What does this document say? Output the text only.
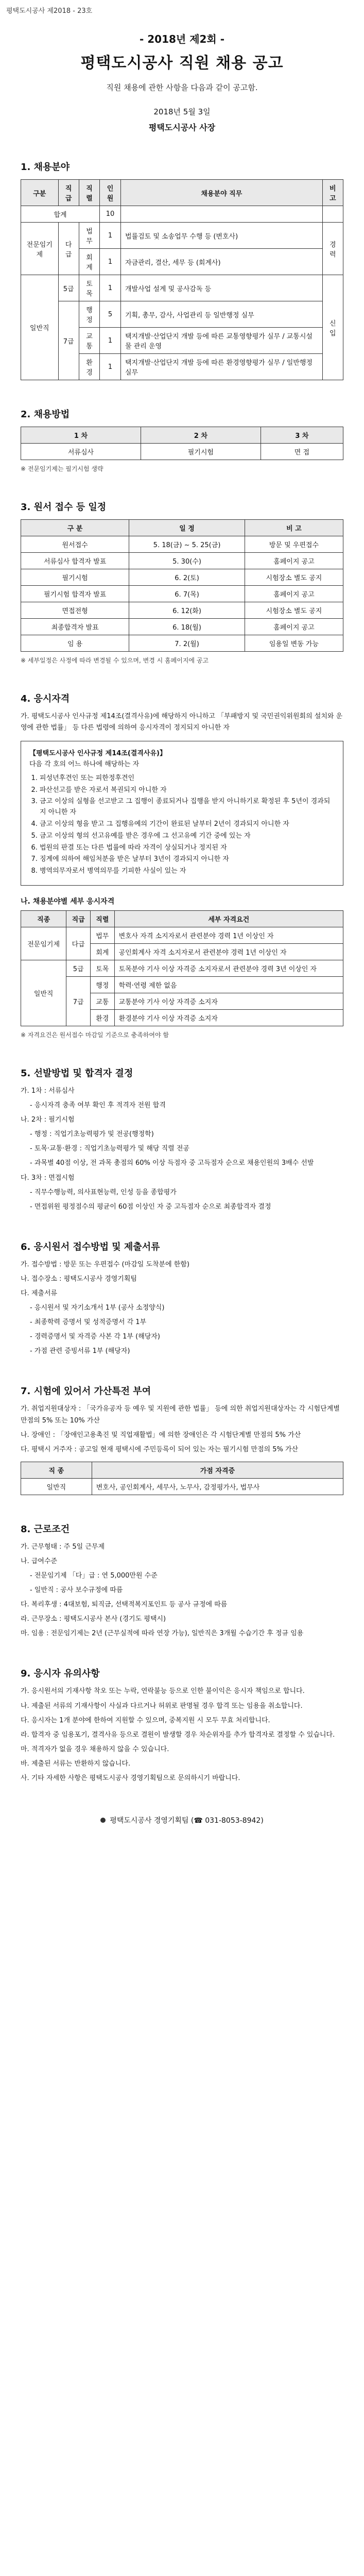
평택도시공사 제2018 - 23호
- 2018년 제2회 -
평택도시공사 직원 채용 공고
직원 채용에 관한 사항을 다음과 같이 공고함.
2018년 5월 3일
평택도시공사 사장
1. 채용분야
구분	직급	직렬	인원	채용분야 직무	비고
합계			10		
전문임기제	다급	법무	1	법률검토 및 소송업무 수행 등 (변호사)	경력
		회계	1	자금관리, 결산, 세무 등 (회계사)	
일반직	5급	토목	1	개발사업 설계 및 공사감독 등	신입
	7급	행정	5	기획, 총무, 감사, 사업관리 등 일반행정 실무	
		교통	1	택지개발·산업단지 개발 등에 따른 교통영향평가 실무 / 교통시설물 관리 운영	
		환경	1	택지개발·산업단지 개발 등에 따른 환경영향평가 실무 / 일반행정 실무	
2. 채용방법
1 차	2 차	3 차
서류심사	필기시험	면 접
※ 전문임기제는 필기시험 생략
3. 원서 접수 등 일정
구 분	일 정	비 고
원서접수	5. 18(금) ~ 5. 25(금)	방문 및 우편접수
서류심사 합격자 발표	5. 30(수)	홈페이지 공고
필기시험	6. 2(토)	시험장소 별도 공지
필기시험 합격자 발표	6. 7(목)	홈페이지 공고
면접전형	6. 12(화)	시험장소 별도 공지
최종합격자 발표	6. 18(월)	홈페이지 공고
임 용	7. 2(월)	임용일 변동 가능
※ 세부일정은 사정에 따라 변경될 수 있으며, 변경 시 홈페이지에 공고
4. 응시자격
가. 평택도시공사 인사규정 제14조(결격사유)에 해당하지 아니하고 「부패방지 및 국민권익위원회의 설치와 운영에 관한 법률」 등 다른 법령에 의하여 응시자격이 정지되지 아니한 자
【평택도시공사 인사규정 제14조(결격사유)】
다음 각 호의 어느 하나에 해당하는 자
1. 피성년후견인 또는 피한정후견인
2. 파산선고를 받은 자로서 복권되지 아니한 자
3. 금고 이상의 실형을 선고받고 그 집행이 종료되거나 집행을 받지 아니하기로 확정된 후 5년이 경과되지 아니한 자
4. 금고 이상의 형을 받고 그 집행유예의 기간이 완료된 날부터 2년이 경과되지 아니한 자
5. 금고 이상의 형의 선고유예를 받은 경우에 그 선고유예 기간 중에 있는 자
6. 법원의 판결 또는 다른 법률에 따라 자격이 상실되거나 정지된 자
7. 징계에 의하여 해임처분을 받은 날부터 3년이 경과되지 아니한 자
8. 병역의무자로서 병역의무를 기피한 사실이 있는 자
나. 채용분야별 세부 응시자격
직종	직급	직렬	세부 자격요건
전문임기제	다급	법무	변호사 자격 소지자로서 관련분야 경력 1년 이상인 자
		회계	공인회계사 자격 소지자로서 관련분야 경력 1년 이상인 자
일반직	5급	토목	토목분야 기사 이상 자격증 소지자로서 관련분야 경력 3년 이상인 자
	7급	행정	학력·연령 제한 없음
		교통	교통분야 기사 이상 자격증 소지자
		환경	환경분야 기사 이상 자격증 소지자
※ 자격요건은 원서접수 마감일 기준으로 충족하여야 함
5. 선발방법 및 합격자 결정
가. 1차 : 서류심사
- 응시자격 충족 여부 확인 후 적격자 전원 합격
나. 2차 : 필기시험
- 행정 : 직업기초능력평가 및 전공(행정학)
- 토목·교통·환경 : 직업기초능력평가 및 해당 직렬 전공
- 과목별 40점 이상, 전 과목 총점의 60% 이상 득점자 중 고득점자 순으로 채용인원의 3배수 선발
다. 3차 : 면접시험
- 직무수행능력, 의사표현능력, 인성 등을 종합평가
- 면접위원 평정점수의 평균이 60점 이상인 자 중 고득점자 순으로 최종합격자 결정
6. 응시원서 접수방법 및 제출서류
가. 접수방법 : 방문 또는 우편접수 (마감일 도착분에 한함)
나. 접수장소 : 평택도시공사 경영기획팀
다. 제출서류
- 응시원서 및 자기소개서 1부 (공사 소정양식)
- 최종학력 증명서 및 성적증명서 각 1부
- 경력증명서 및 자격증 사본 각 1부 (해당자)
- 가점 관련 증빙서류 1부 (해당자)
7. 시험에 있어서 가산특전 부여
가. 취업지원대상자 : 「국가유공자 등 예우 및 지원에 관한 법률」 등에 의한 취업지원대상자는 각 시험단계별 만점의 5% 또는 10% 가산
나. 장애인 : 「장애인고용촉진 및 직업재활법」에 의한 장애인은 각 시험단계별 만점의 5% 가산
다. 평택시 거주자 : 공고일 현재 평택시에 주민등록이 되어 있는 자는 필기시험 만점의 5% 가산
직 종	가점 자격증
일반직	변호사, 공인회계사, 세무사, 노무사, 감정평가사, 법무사
8. 근로조건
가. 근무형태 : 주 5일 근무제
나. 급여수준
- 전문임기제 「다」급 : 연 5,000만원 수준
- 일반직 : 공사 보수규정에 따름
다. 복리후생 : 4대보험, 퇴직금, 선택적복지포인트 등 공사 규정에 따름
라. 근무장소 : 평택도시공사 본사 (경기도 평택시)
마. 임용 : 전문임기제는 2년 (근무실적에 따라 연장 가능), 일반직은 3개월 수습기간 후 정규 임용
9. 응시자 유의사항
가. 응시원서의 기재사항 착오 또는 누락, 연락불능 등으로 인한 불이익은 응시자 책임으로 합니다.
나. 제출된 서류의 기재사항이 사실과 다르거나 허위로 판명될 경우 합격 또는 임용을 취소합니다.
다. 응시자는 1개 분야에 한하여 지원할 수 있으며, 중복지원 시 모두 무효 처리합니다.
라. 합격자 중 임용포기, 결격사유 등으로 결원이 발생할 경우 차순위자를 추가 합격자로 결정할 수 있습니다.
마. 적격자가 없을 경우 채용하지 않을 수 있습니다.
바. 제출된 서류는 반환하지 않습니다.
사. 기타 자세한 사항은 평택도시공사 경영기획팀으로 문의하시기 바랍니다.
평택도시공사 경영기획팀 (☎ 031-8053-8942)
